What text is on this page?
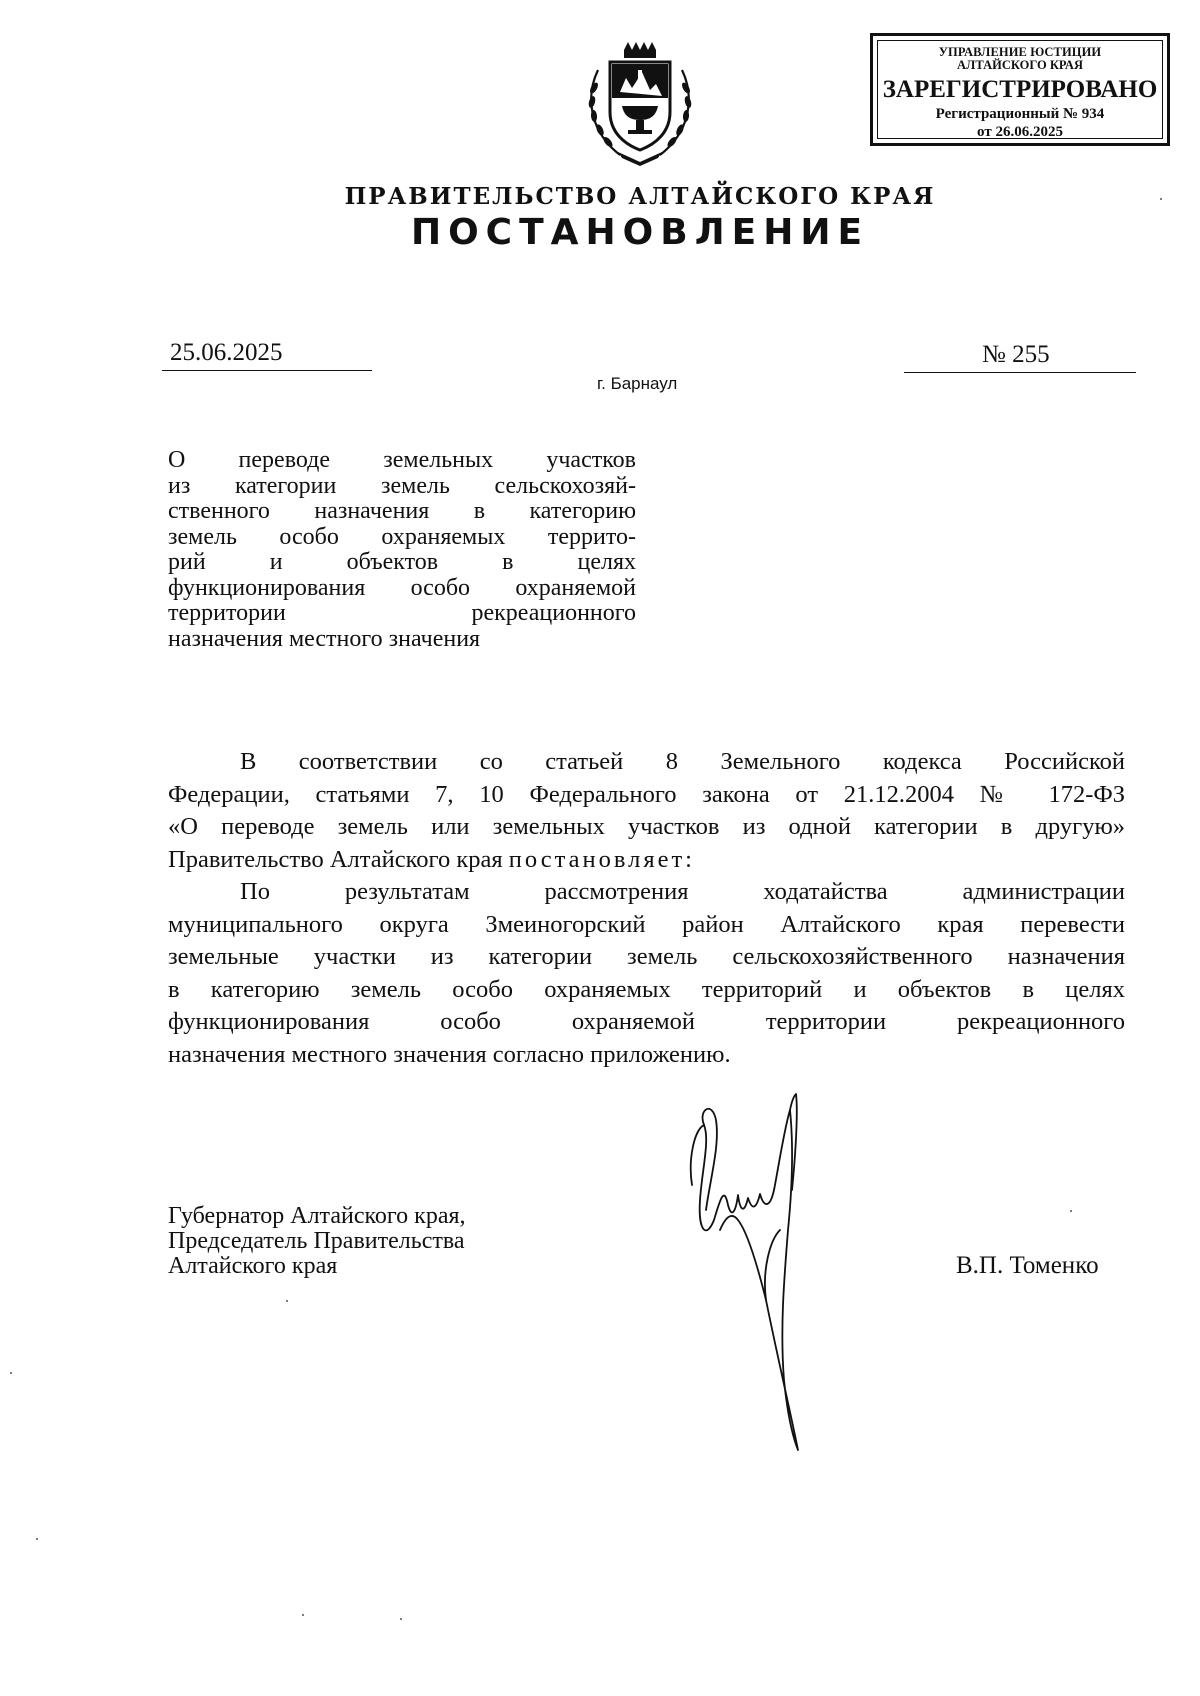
УПРАВЛЕНИЕ ЮСТИЦИИ
АЛТАЙСКОГО КРАЯ
ЗАРЕГИСТРИРОВАНО
Регистрационный № 934
от 26.06.2025
ПРАВИТЕЛЬСТВО АЛТАЙСКОГО КРАЯ
ПОСТАНОВЛЕНИЕ
25.06.2025	№ 255
г. Барнаул
О переводе земельных участков
из категории земель сельскохозяй-
ственного назначения в категорию
земель особо охраняемых террито-
рий и объектов в целях
функционирования особо охраняемой
территории рекреационного
назначения местного значения
В соответствии со статьей 8 Земельного кодекса Российской
Федерации, статьями 7, 10 Федерального закона от 21.12.2004 № 172-ФЗ
«О переводе земель или земельных участков из одной категории в другую»
Правительство Алтайского края постановляет:
По результатам рассмотрения ходатайства администрации
муниципального округа Змеиногорский район Алтайского края перевести
земельные участки из категории земель сельскохозяйственного назначения
в категорию земель особо охраняемых территорий и объектов в целях
функционирования особо охраняемой территории рекреационного
назначения местного значения согласно приложению.
Губернатор Алтайского края,
Председатель Правительства
Алтайского края	В.П. Томенко
